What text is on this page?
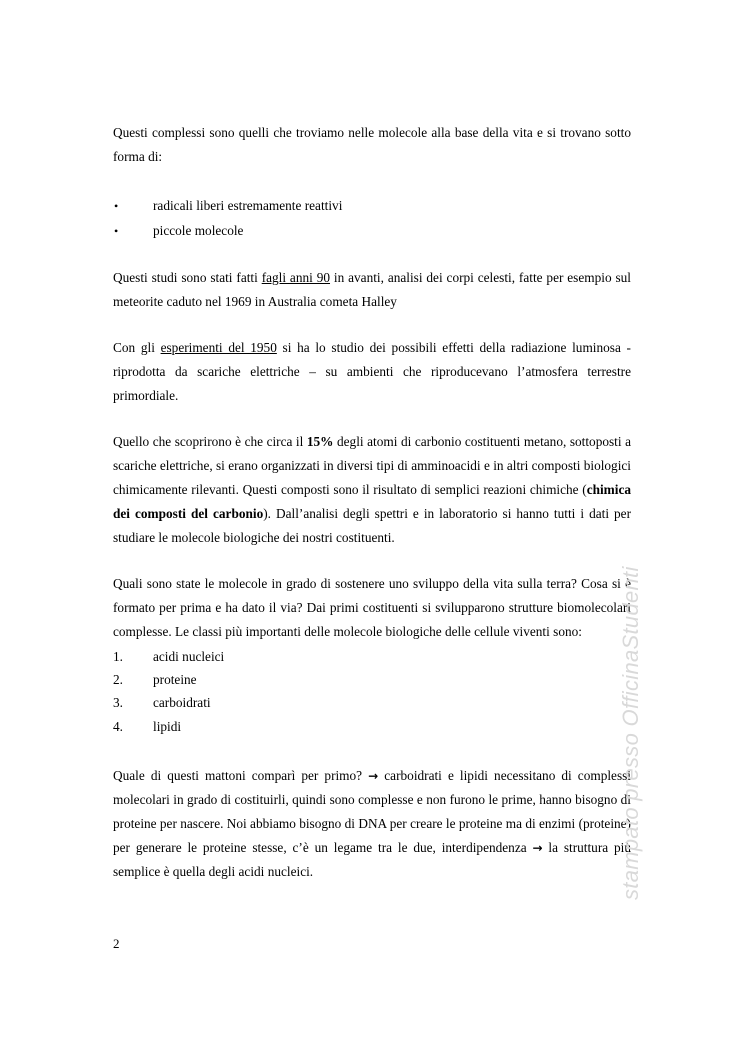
Questi complessi sono quelli che troviamo nelle molecole alla base della vita e si trovano sotto forma di:

•	radicali liberi estremamente reattivi
•	piccole molecole

Questi studi sono stati fatti fagli anni 90 in avanti, analisi dei corpi celesti, fatte per esempio sul meteorite caduto nel 1969 in Australia cometa Halley

Con gli esperimenti del 1950 si ha lo studio dei possibili effetti della radiazione luminosa - riprodotta da scariche elettriche – su ambienti che riproducevano l’atmosfera terrestre primordiale.

Quello che scoprirono è che circa il 15% degli atomi di carbonio costituenti metano, sottoposti a scariche elettriche, si erano organizzati in diversi tipi di amminoacidi e in altri composti biologici chimicamente rilevanti. Questi composti sono il risultato di semplici reazioni chimiche (chimica dei composti del carbonio). Dall’analisi degli spettri e in laboratorio si hanno tutti i dati per studiare le molecole biologiche dei nostri costituenti.

Quali sono state le molecole in grado di sostenere uno sviluppo della vita sulla terra? Cosa si è formato per prima e ha dato il via? Dai primi costituenti si svilupparono strutture biomolecolari complesse. Le classi più importanti delle molecole biologiche delle cellule viventi sono:

1.	acidi nucleici
2.	proteine
3.	carboidrati
4.	lipidi

Quale di questi mattoni comparì per primo? → carboidrati e lipidi necessitano di complessi molecolari in grado di costituirli, quindi sono complesse e non furono le prime, hanno bisogno di proteine per nascere. Noi abbiamo bisogno di DNA per creare le proteine ma di enzimi (proteine) per generare le proteine stesse, c’è un legame tra le due, interdipendenza → la struttura più semplice è quella degli acidi nucleici.

2
stampato presso OfficinaStudenti
